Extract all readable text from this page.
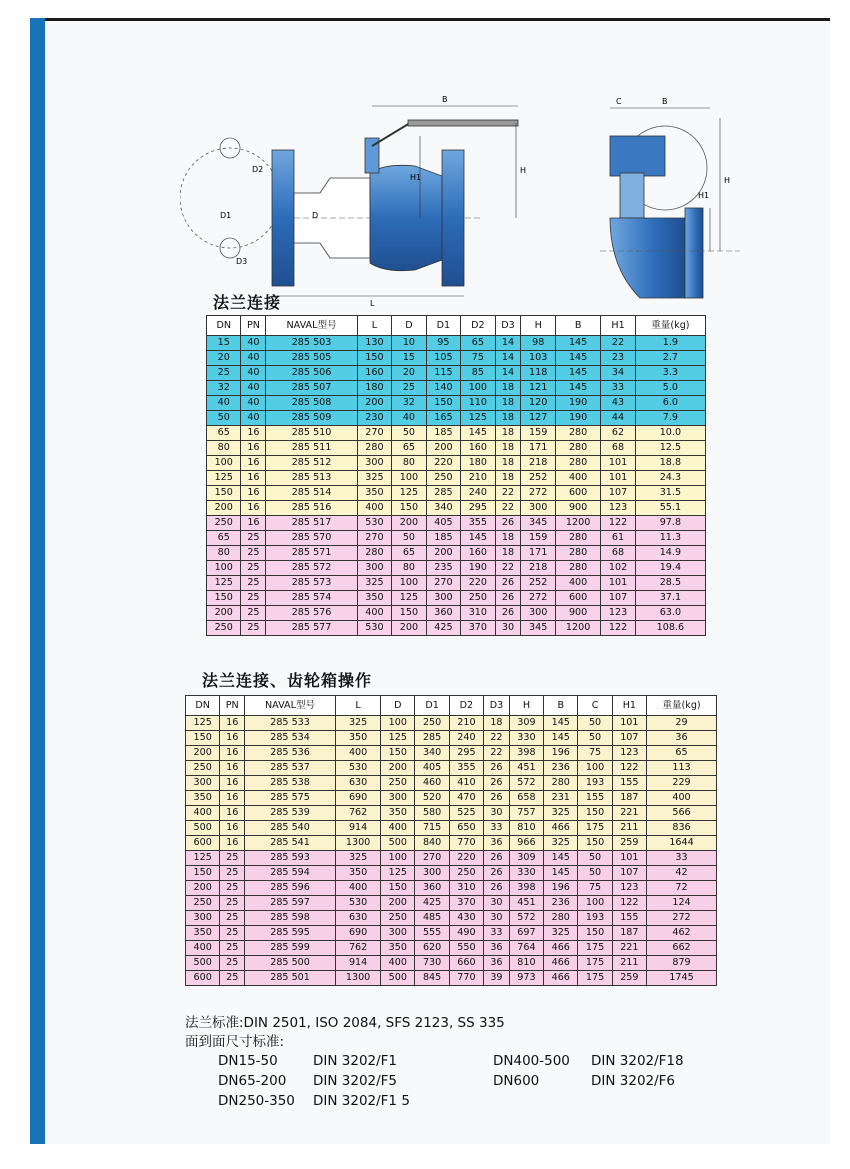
B
H
H1
D
D1
D2
D3
L
C	B
H1
H
法兰连接
DN	PN	NAVAL型号	L	D	D1	D2	D3	H	B	H1	重量(kg)
15	40	285 503	130	10	95	65	14	98	145	22	1.9
20	40	285 505	150	15	105	75	14	103	145	23	2.7
25	40	285 506	160	20	115	85	14	118	145	34	3.3
32	40	285 507	180	25	140	100	18	121	145	33	5.0
40	40	285 508	200	32	150	110	18	120	190	43	6.0
50	40	285 509	230	40	165	125	18	127	190	44	7.9
65	16	285 510	270	50	185	145	18	159	280	62	10.0
80	16	285 511	280	65	200	160	18	171	280	68	12.5
100	16	285 512	300	80	220	180	18	218	280	101	18.8
125	16	285 513	325	100	250	210	18	252	400	101	24.3
150	16	285 514	350	125	285	240	22	272	600	107	31.5
200	16	285 516	400	150	340	295	22	300	900	123	55.1
250	16	285 517	530	200	405	355	26	345	1200	122	97.8
65	25	285 570	270	50	185	145	18	159	280	61	11.3
80	25	285 571	280	65	200	160	18	171	280	68	14.9
100	25	285 572	300	80	235	190	22	218	280	102	19.4
125	25	285 573	325	100	270	220	26	252	400	101	28.5
150	25	285 574	350	125	300	250	26	272	600	107	37.1
200	25	285 576	400	150	360	310	26	300	900	123	63.0
250	25	285 577	530	200	425	370	30	345	1200	122	108.6
法兰连接、齿轮箱操作
DN	PN	NAVAL型号	L	D	D1	D2	D3	H	B	C	H1	重量(kg)
125	16	285 533	325	100	250	210	18	309	145	50	101	29
150	16	285 534	350	125	285	240	22	330	145	50	107	36
200	16	285 536	400	150	340	295	22	398	196	75	123	65
250	16	285 537	530	200	405	355	26	451	236	100	122	113
300	16	285 538	630	250	460	410	26	572	280	193	155	229
350	16	285 575	690	300	520	470	26	658	231	155	187	400
400	16	285 539	762	350	580	525	30	757	325	150	221	566
500	16	285 540	914	400	715	650	33	810	466	175	211	836
600	16	285 541	1300	500	840	770	36	966	325	150	259	1644
125	25	285 593	325	100	270	220	26	309	145	50	101	33
150	25	285 594	350	125	300	250	26	330	145	50	107	42
200	25	285 596	400	150	360	310	26	398	196	75	123	72
250	25	285 597	530	200	425	370	30	451	236	100	122	124
300	25	285 598	630	250	485	430	30	572	280	193	155	272
350	25	285 595	690	300	555	490	33	697	325	150	187	462
400	25	285 599	762	350	620	550	36	764	466	175	221	662
500	25	285 500	914	400	730	660	36	810	466	175	211	879
600	25	285 501	1300	500	845	770	39	973	466	175	259	1745
法兰标准:DIN 2501, ISO 2084, SFS 2123, SS 335
面到面尺寸标准:
DN15-50	DIN 3202/F1
DN65-200 DIN 3202/F5
DN250-350 DIN 3202/F1 5
DN400-500 DIN 3202/F18
DN600	DIN 3202/F6
